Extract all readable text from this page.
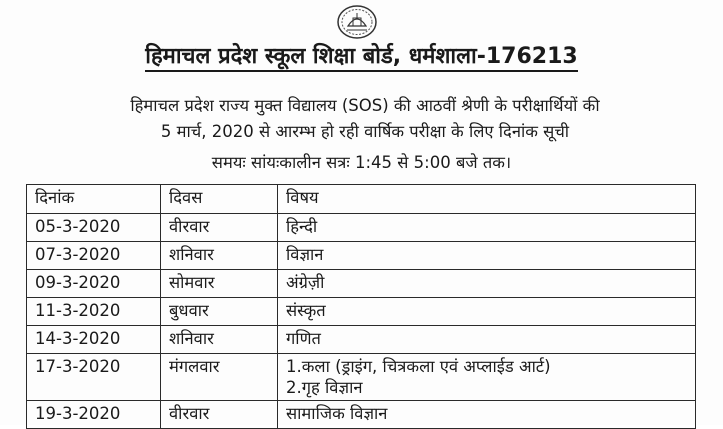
हिमाचल प्रदेश स्कूल शिक्षा बोर्ड, धर्मशाला-176213
हिमाचल प्रदेश राज्य मुक्त विद्यालय (SOS) की आठवीं श्रेणी के परीक्षार्थियों की
5 मार्च, 2020 से आरम्भ हो रही वार्षिक परीक्षा के लिए दिनांक सूची
समयः सांयःकालीन सत्रः 1:45 से 5:00 बजे तक।
दिनांक	दिवस	विषय
05-3-2020	वीरवार	हिन्दी

07-3-2020	शनिवार	विज्ञान

09-3-2020	सोमवार	अंग्रेज़ी

11-3-2020	बुधवार	संस्कृत

14-3-2020	शनिवार	गणित

17-3-2020	मंगलवार	1.कला (ड्राइंग, चित्रकला एवं अप्लाईड आर्ट)
2.गृह विज्ञान

19-3-2020	वीरवार	सामाजिक विज्ञान
